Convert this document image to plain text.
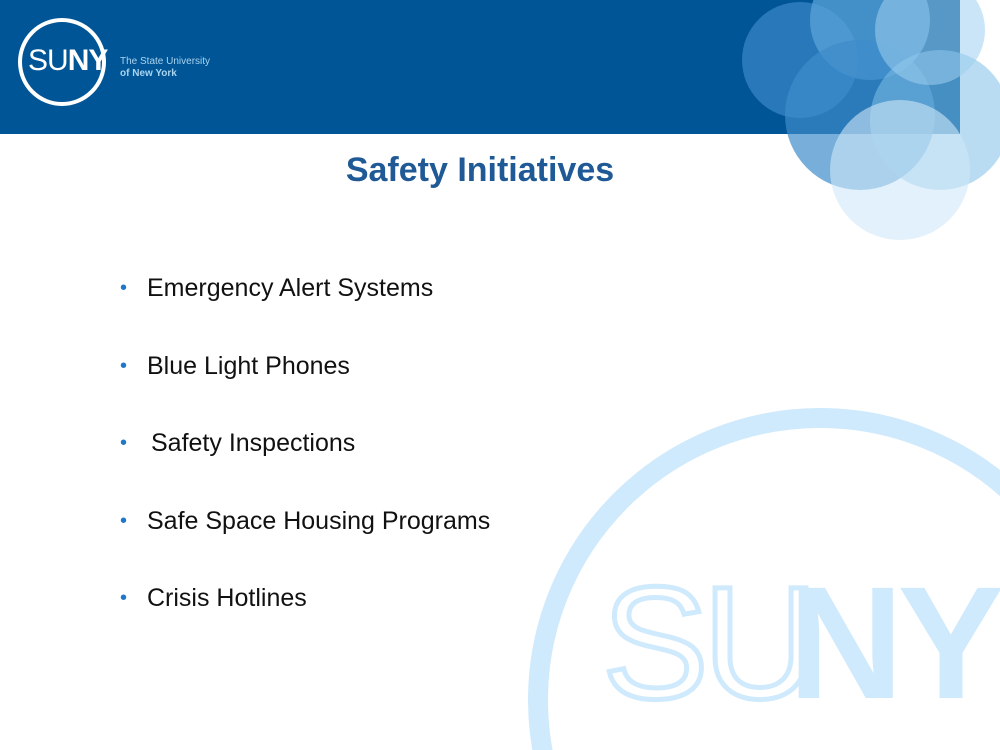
SUNY The State University
of New York
Safety Initiatives
• Emergency Alert Systems
• Blue Light Phones
• Safety Inspections
• Safe Space Housing Programs
• Crisis Hotlines SU
NY
